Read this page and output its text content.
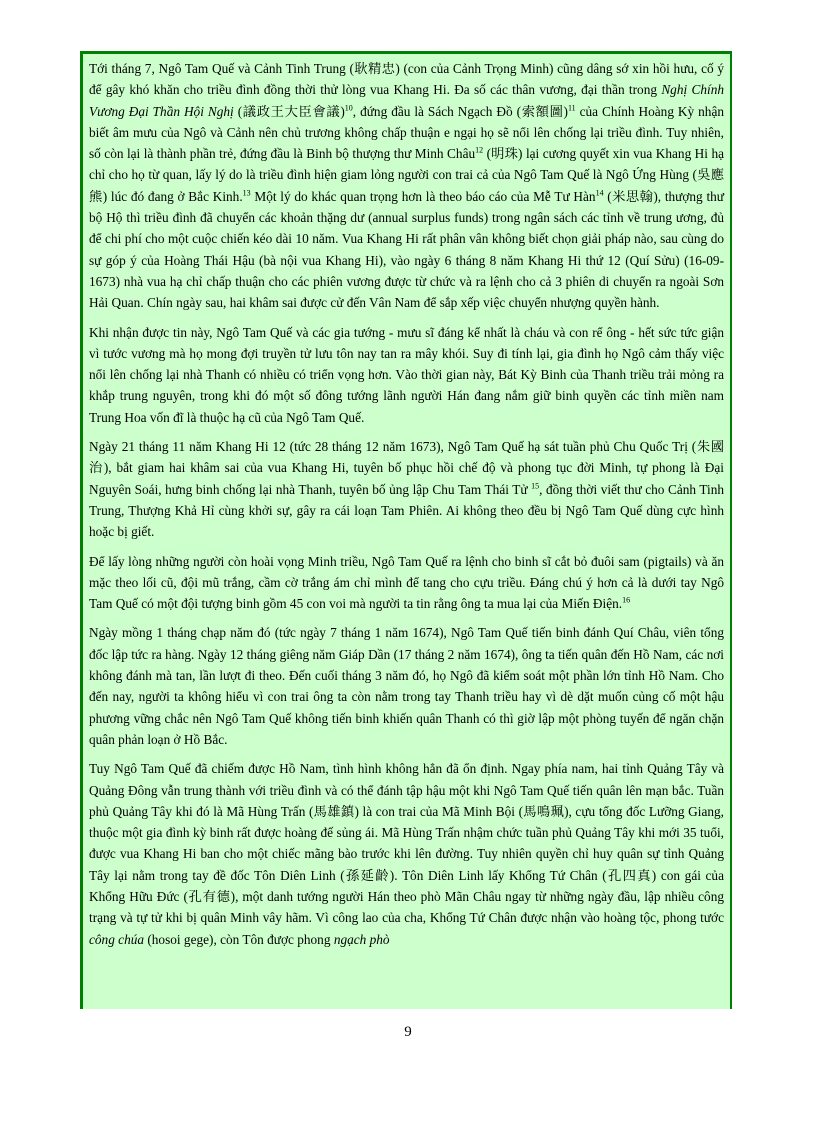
Tới tháng 7, Ngô Tam Quế và Cảnh Tinh Trung (耿精忠) (con của Cảnh Trọng Minh) cũng dâng sớ xin hồi hưu, cố ý để gây khó khăn cho triều đình đồng thời thử lòng vua Khang Hi. Đa số các thân vương, đại thần trong Nghị Chính Vương Đại Thần Hội Nghị (議政王大臣會議)$^{10}$, đứng đầu là Sách Ngạch Đồ (索額圖)$^{11}$ của Chính Hoàng Kỳ nhận biết âm mưu của Ngô và Cảnh nên chủ trương không chấp thuận e ngại họ sẽ nổi lên chống lại triều đình. Tuy nhiên, số còn lại là thành phần trẻ, đứng đầu là Binh bộ thượng thư Minh Châu$^{12}$ (明珠) lại cương quyết xin vua Khang Hi hạ chỉ cho họ từ quan, lấy lý do là triều đình hiện giam lỏng người con trai cả của Ngô Tam Quế là Ngô Ứng Hùng (吳應熊) lúc đó đang ở Bắc Kinh.$^{13}$ Một lý do khác quan trọng hơn là theo báo cáo của Mễ Tư Hàn$^{14}$ (米思翰), thượng thư bộ Hộ thì triều đình đã chuyển các khoản thặng dư (annual surplus funds) trong ngân sách các tỉnh về trung ương, đủ để chi phí cho một cuộc chiến kéo dài 10 năm. Vua Khang Hi rất phân vân không biết chọn giải pháp nào, sau cùng do sự góp ý của Hoàng Thái Hậu (bà nội vua Khang Hi), vào ngày 6 tháng 8 năm Khang Hi thứ 12 (Quí Sửu) (16-09-1673) nhà vua hạ chỉ chấp thuận cho các phiên vương được từ chức và ra lệnh cho cả 3 phiên di chuyển ra ngoài Sơn Hải Quan. Chín ngày sau, hai khâm sai được cử đến Vân Nam để sắp xếp việc chuyển nhượng quyền hành.

Khi nhận được tin này, Ngô Tam Quế và các gia tướng - mưu sĩ đáng kể nhất là cháu và con rể ông - hết sức tức giận vì tước vương mà họ mong đợi truyền tử lưu tôn nay tan ra mây khói. Suy đi tính lại, gia đình họ Ngô cảm thấy việc nổi lên chống lại nhà Thanh có nhiều có triển vọng hơn. Vào thời gian này, Bát Kỳ Binh của Thanh triều trải mỏng ra khắp trung nguyên, trong khi đó một số đông tướng lãnh người Hán đang nắm giữ binh quyền các tỉnh miền nam Trung Hoa vốn đĩ là thuộc hạ cũ của Ngô Tam Quế.

Ngày 21 tháng 11 năm Khang Hi 12 (tức 28 tháng 12 năm 1673), Ngô Tam Quế hạ sát tuần phủ Chu Quốc Trị (朱國治), bắt giam hai khâm sai của vua Khang Hi, tuyên bố phục hồi chế độ và phong tục đời Minh, tự phong là Đại Nguyên Soái, hưng binh chống lại nhà Thanh, tuyên bố ủng lập Chu Tam Thái Tử $^{15}$, đồng thời viết thư cho Cảnh Tinh Trung, Thượng Khả Hỉ cùng khởi sự, gây ra cái loạn Tam Phiên. Ai không theo đều bị Ngô Tam Quế dùng cực hình hoặc bị giết.

Để lấy lòng những người còn hoài vọng Minh triều, Ngô Tam Quế ra lệnh cho binh sĩ cắt bỏ đuôi sam (pigtails) và ăn mặc theo lối cũ, đội mũ trắng, cầm cờ trắng ám chỉ mình để tang cho cựu triều. Đáng chú ý hơn cả là dưới tay Ngô Tam Quế có một đội tượng binh gồm 45 con voi mà người ta tin rằng ông ta mua lại của Miến Điện.$^{16}$

Ngày mồng 1 tháng chạp năm đó (tức ngày 7 tháng 1 năm 1674), Ngô Tam Quế tiến binh đánh Quí Châu, viên tổng đốc lập tức ra hàng. Ngày 12 tháng giêng năm Giáp Dần (17 tháng 2 năm 1674), ông ta tiến quân đến Hồ Nam, các nơi không đánh mà tan, lần lượt đi theo. Đến cuối tháng 3 năm đó, họ Ngô đã kiểm soát một phần lớn tỉnh Hồ Nam. Cho đến nay, người ta không hiểu vì con trai ông ta còn nằm trong tay Thanh triều hay vì dè dặt muốn củng cố một hậu phương vững chắc nên Ngô Tam Quế không tiến binh khiến quân Thanh có thì giờ lập một phòng tuyến để ngăn chặn quân phản loạn ở Hồ Bắc.

Tuy Ngô Tam Quế đã chiếm được Hồ Nam, tình hình không hẳn đã ổn định. Ngay phía nam, hai tỉnh Quảng Tây và Quảng Đông vẫn trung thành với triều đình và có thể đánh tập hậu một khi Ngô Tam Quế tiến quân lên mạn bắc. Tuần phủ Quảng Tây khi đó là Mã Hùng Trấn (馬雄鎮) là con trai của Mã Minh Bội (馬鳴珮), cựu tổng đốc Lưỡng Giang, thuộc một gia đình kỳ binh rất được hoàng đế sủng ái. Mã Hùng Trấn nhậm chức tuần phủ Quảng Tây khi mới 35 tuổi, được vua Khang Hi ban cho một chiếc mãng bào trước khi lên đường. Tuy nhiên quyền chỉ huy quân sự tỉnh Quảng Tây lại nằm trong tay đề đốc Tôn Diên Linh (孫延齡). Tôn Diên Linh lấy Khổng Tứ Chân (孔四真) con gái của Khổng Hữu Đức (孔有德), một danh tướng người Hán theo phò Mãn Châu ngay từ những ngày đầu, lập nhiều công trạng và tự tử khi bị quân Minh vây hãm. Vì công lao của cha, Khổng Tứ Chân được nhận vào hoàng tộc, phong tước công chúa (hosoi gege), còn Tôn được phong ngạch phò

9
